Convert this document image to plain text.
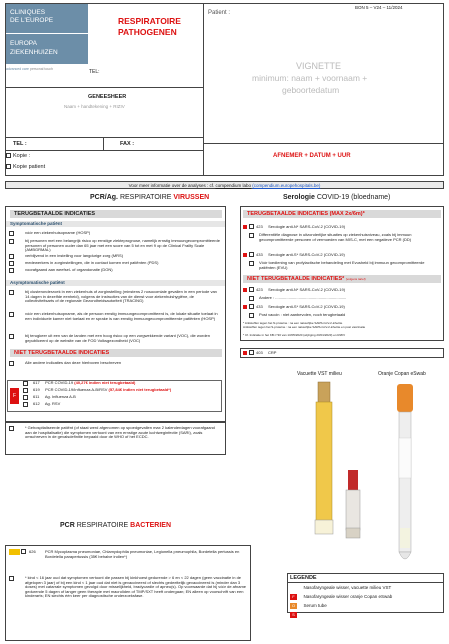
CLINIQUES
DE L'EUROPE
EUROPA
ZIEKENHUIZEN
advanced care personal touch	TEL:
RESPIRATOIRE
PATHOGENEN
GENEESHEER
Naam + handtekening + RIZIV
Patient :
BON 5 – V24 – 11/2024
VIGNETTE
minimum: naam + voornaam +
geboortedatum
TEL :	FAX :
Kopie :
Kopie patient
AFNEMER + DATUM + UUR
Voor meer informatie over de analyses : cf. compendium labo (compendium.europehospitals.be)
PCR/Ag. RESPIRATOIRE VIRUSSEN
TERUGBETAALDE INDICATIES
Symptomatische patiënt
vóór een ziekenhuisopname (HOSP)
bij personen met een belangrijk risico op ernstige ziekteprognose, namelijk ernstig immuungecompromitteerde personen of personen ouder dan 65 jaar met een score van 5 tot en met 9 op de Clinical Frailty Scale (AMBGRMAL)
verblijvend in een instelling voor langdurige zorg (MRS)
medewerkers in zorginstellingen, die in contact komen met patiënten (PDS)
voorafgaand aan weefsel- of organdonatie (DON)
Asymptomatische patiënt
bij clusteronderzoek in een ziekenhuis of zorginstelling (minstens 2 nosocomiale gevallen in een periode van 14 dagen in dezelfde eenheid), volgens de instructies van de dienst voor ziekenhuishygiëne, de collectiviteitsarts of de regionale Gezondheidsautoriteit (TRACING)
vóór een ziekenhuisopname, als de persoon ernstig immuungecompromitteerd is, de lokale situatie toelaat in een individuele kamer niet toelaat en er sprake is van ernstig immuungecompromitteerde patiënten (HOSP)
bij terugkeer uit een van de landen met een hoog risico op een zorgwekkende variant (VOC), die worden gepubliceerd op de website van de FOD Volksgezondheid (VOC)
NIET TERUGBETAALDE INDICATIES
Alle andere indicaties dan deze hierboven beschreven
F
617 PCR COVID-19 (40,27€ indien niet terugbetaald)
619 PCR COVID-19/Influenza A-B/RSV (57,84€ indien niet terugbetaald*)
611 Ag. Influenza A-B
612 Ag. RSV
* Gehospitaliseerde patiënt (of staat werd afgenomen op spoedgevallen max 2 kalenderdagen voorafgaand aan de hospitalisatie) die symptomen vertoont van een ernstige acute luchtweginfectie (SARI), zoals omschreven in de gevalsdefinitie bepaald door de WHO of het ECDC.
Serologie COVID-19 (bloedname)
TERUGBETAALDE INDICATIES (MAX 2x/6m)*
423 Serologie anti-N* SARS-CoV-2 (COVID-19)
Differentiële diagnose in uitzonderlijke situaties op ziekenhuisniveau, zoals bij immuun gecompromitteerde personen of vermoeden van MIS-C, met een negatieve PCR (DD)
433 Serologie anti-S* SARS-CoV-2 (COVID-19)
Vóór toediening van profylactische behandeling met Evusheld bij immuun gecompromitteerde patiënten (EVU)
NIET TERUGBETAALDE INDICATIES* (volgens tarief)
423 Serologie anti-N* SARS-CoV-2 (COVID-19)
Andere : ................................................................
433 Serologie anti-S* SARS-CoV-2 (COVID-19)
Post vaccin : niet aanbevolen, noch terugbetaald
* Antistoffen tegen het N-proteïne : na een natuurlijke SARS-CoV-2-infectie
Antistoffen tegen het S-proteïne : na een natuurlijke SARS-CoV-2-infectie en post vaccinatie
* Cf. Indicatie in het KB n°30 van 13/05/2020 (wijziging 20/01/2023) en RIZIV
403 CRP
Vacuette VST milieu	Oranje Copan eSwab
PCR RESPIRATOIRE BACTERIEN
626 PCR Mycoplasma pneumoniae, Chlamydophila pneumoniae, Legionella pneumophila, Bordetella pertussis en Bordetella parapertussis (35€ behalve indien*)
* kind < 16 jaar oud dat symptomen vertoont die passen bij kinkhoest gedurende > 6 en < 22 dagen (geen vaccinatie in de afgelopen 3 jaar) of bij een kind < 1 jaar oud dat niet is gevaccineerd of slechts gedeeltelijk gevaccineerd is (minder dan 3 doses) met catarrale symptomen gevolgd door misselijkheid, bradycardie of apneu(s). Op voorwaarde dat hij vóór de afname gedurende 5 dagen of langer geen therapie met macroliden of TMP/SXT heeft ondergaan; EN alleen op voorschrift van een kinderarts; EN slechts één keer per diagnostische onderzoeksfase.
LEGENDE
F $^{Nasofaryngeale wisser, vacuette milieu VST}$
O $^{Nasofaryngeale wisser oranje Copan eSwab}$
S $^{Serum tube}$
